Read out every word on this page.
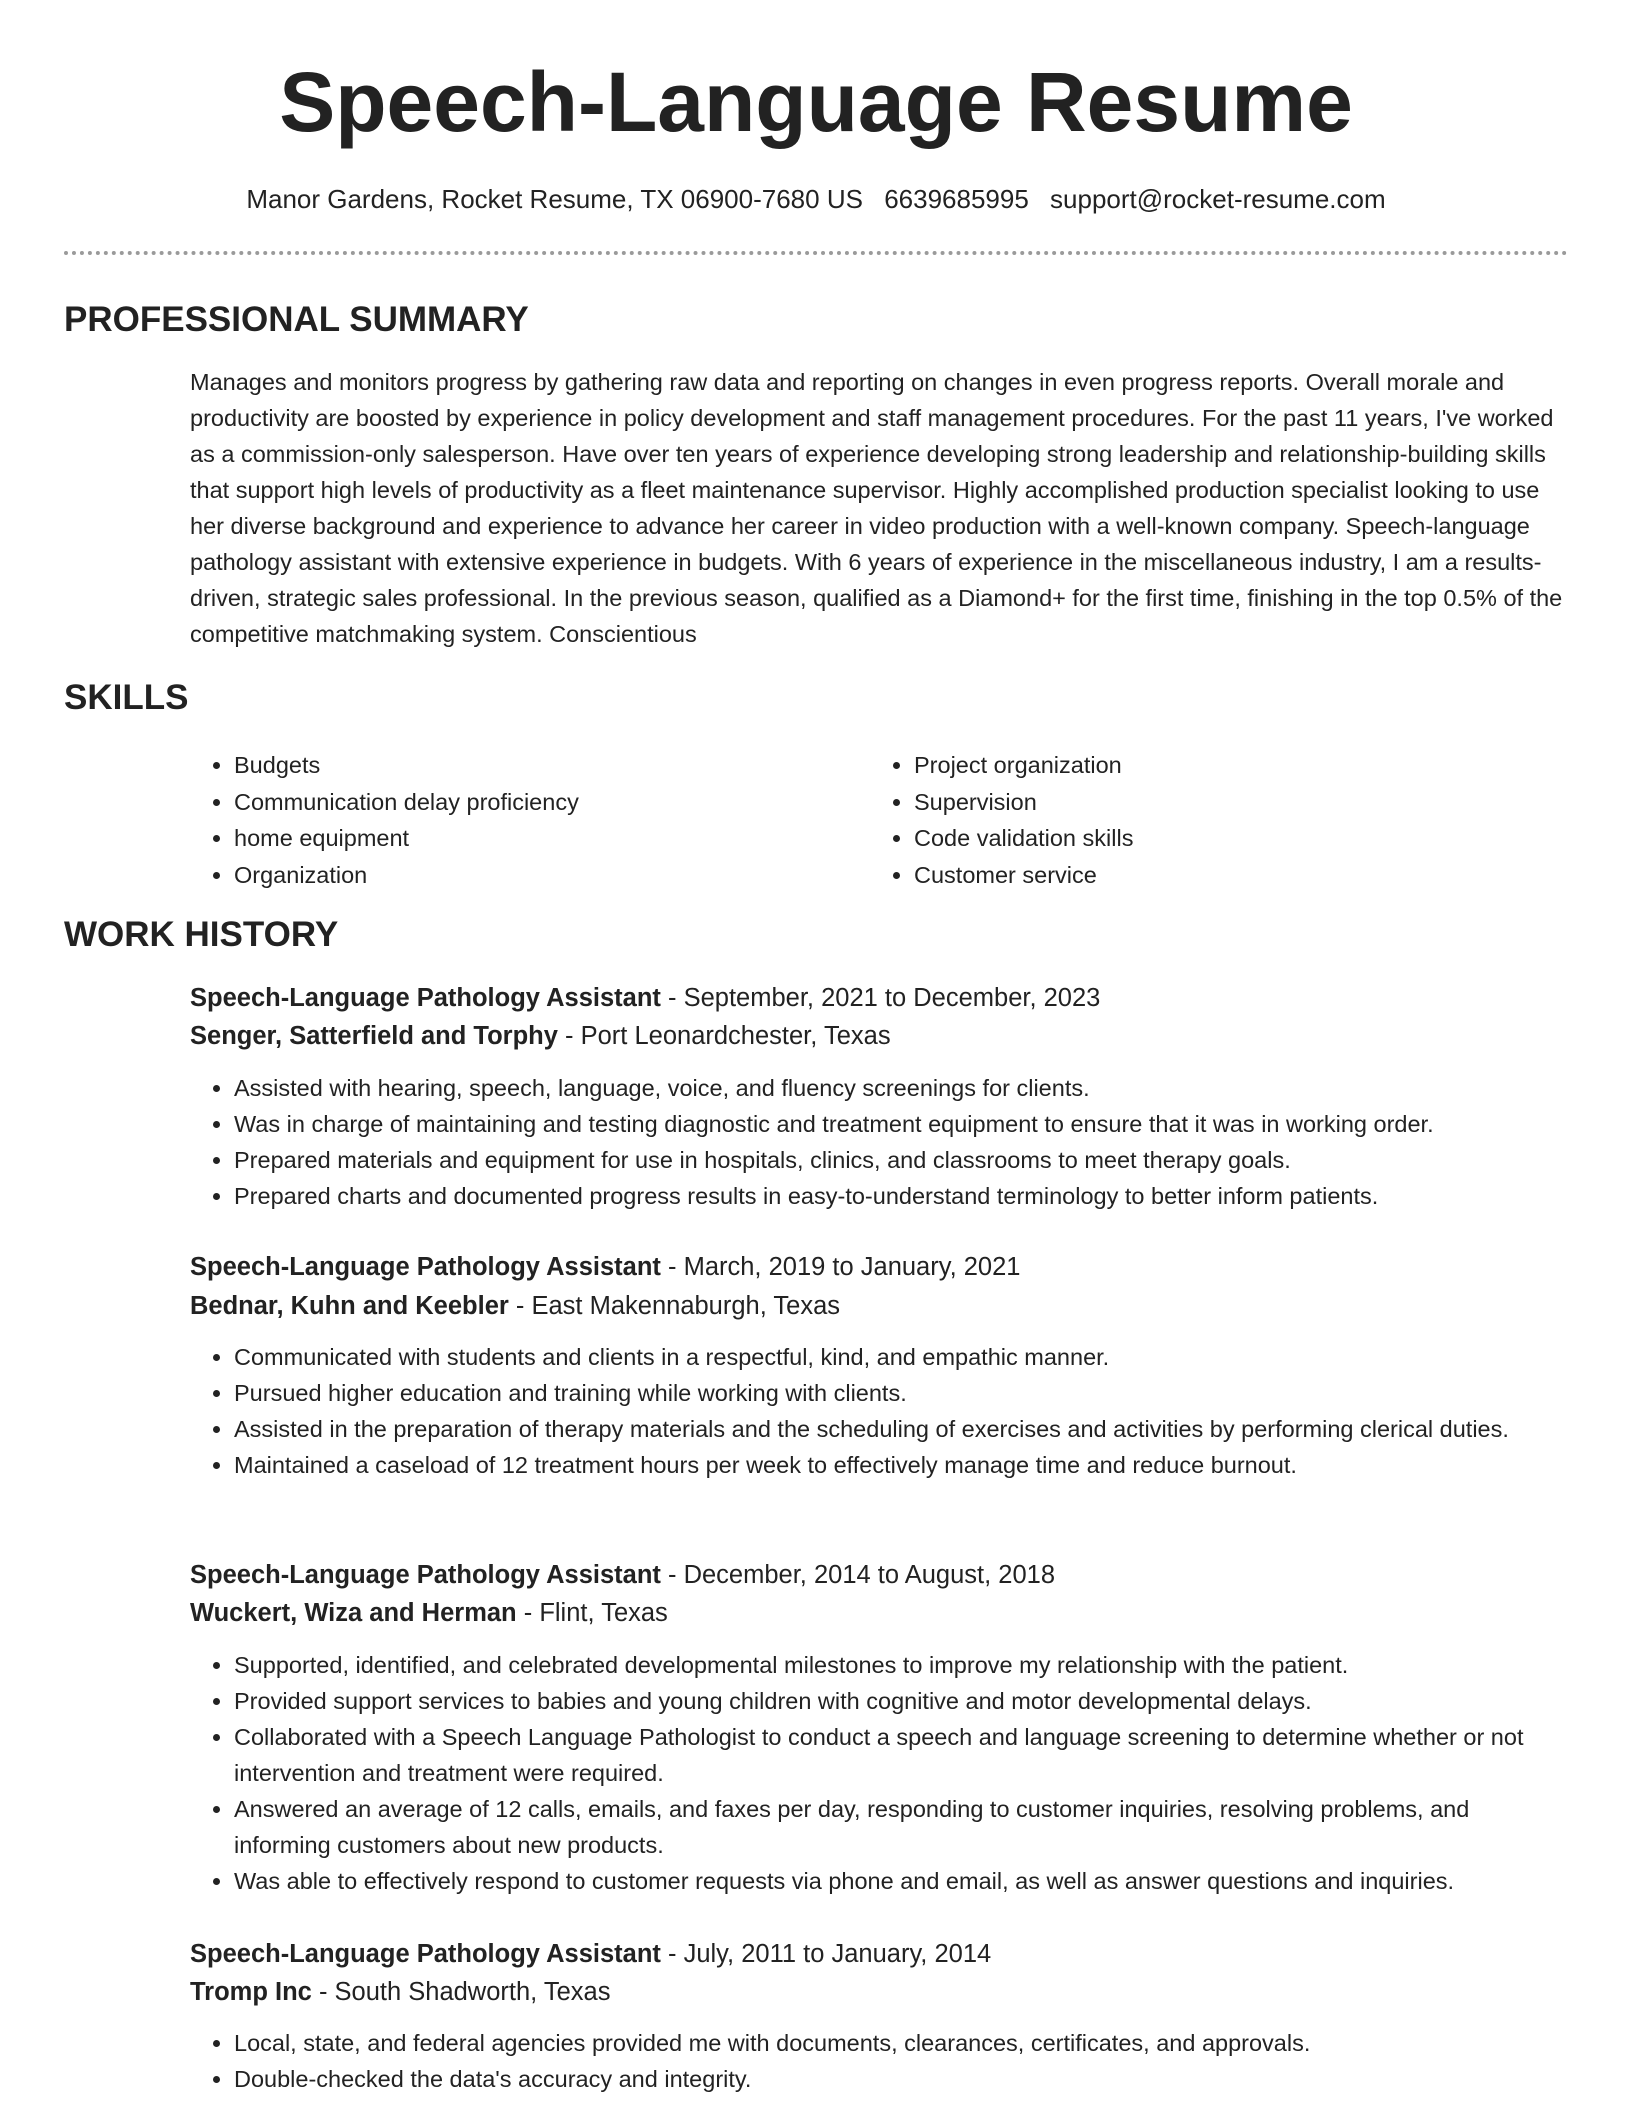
Speech-Language Resume
Manor Gardens, Rocket Resume, TX 06900-7680 US 6639685995 support@rocket-resume.com
PROFESSIONAL SUMMARY

Manages and monitors progress by gathering raw data and reporting on changes in even progress reports. Overall morale and productivity are boosted by experience in policy development and staff management procedures. For the past 11 years, I've worked as a commission-only salesperson. Have over ten years of experience developing strong leadership and relationship-building skills that support high levels of productivity as a fleet maintenance supervisor. Highly accomplished production specialist looking to use her diverse background and experience to advance her career in video production with a well-known company. Speech-language pathology assistant with extensive experience in budgets. With 6 years of experience in the miscellaneous industry, I am a results-driven, strategic sales professional. In the previous season, qualified as a Diamond+ for the first time, finishing in the top 0.5% of the competitive matchmaking system. Conscientious

SKILLS
• Budgets
• Communication delay proficiency
• home equipment
• Organization
• Project organization
• Supervision
• Code validation skills
• Customer service
WORK HISTORY
Speech-Language Pathology Assistant - September, 2021 to December, 2023
Senger, Satterfield and Torphy - Port Leonardchester, Texas
• Assisted with hearing, speech, language, voice, and fluency screenings for clients.
• Was in charge of maintaining and testing diagnostic and treatment equipment to ensure that it was in working order.
• Prepared materials and equipment for use in hospitals, clinics, and classrooms to meet therapy goals.
• Prepared charts and documented progress results in easy-to-understand terminology to better inform patients.
Speech-Language Pathology Assistant - March, 2019 to January, 2021
Bednar, Kuhn and Keebler - East Makennaburgh, Texas
• Communicated with students and clients in a respectful, kind, and empathic manner.
• Pursued higher education and training while working with clients.
• Assisted in the preparation of therapy materials and the scheduling of exercises and activities by performing clerical duties.
• Maintained a caseload of 12 treatment hours per week to effectively manage time and reduce burnout.
Speech-Language Pathology Assistant - December, 2014 to August, 2018
Wuckert, Wiza and Herman - Flint, Texas
• Supported, identified, and celebrated developmental milestones to improve my relationship with the patient.
• Provided support services to babies and young children with cognitive and motor developmental delays.
• Collaborated with a Speech Language Pathologist to conduct a speech and language screening to determine whether or not intervention and treatment were required.
• Answered an average of 12 calls, emails, and faxes per day, responding to customer inquiries, resolving problems, and informing customers about new products.
• Was able to effectively respond to customer requests via phone and email, as well as answer questions and inquiries.
Speech-Language Pathology Assistant - July, 2011 to January, 2014
Tromp Inc - South Shadworth, Texas
• Local, state, and federal agencies provided me with documents, clearances, certificates, and approvals.
• Double-checked the data's accuracy and integrity.
